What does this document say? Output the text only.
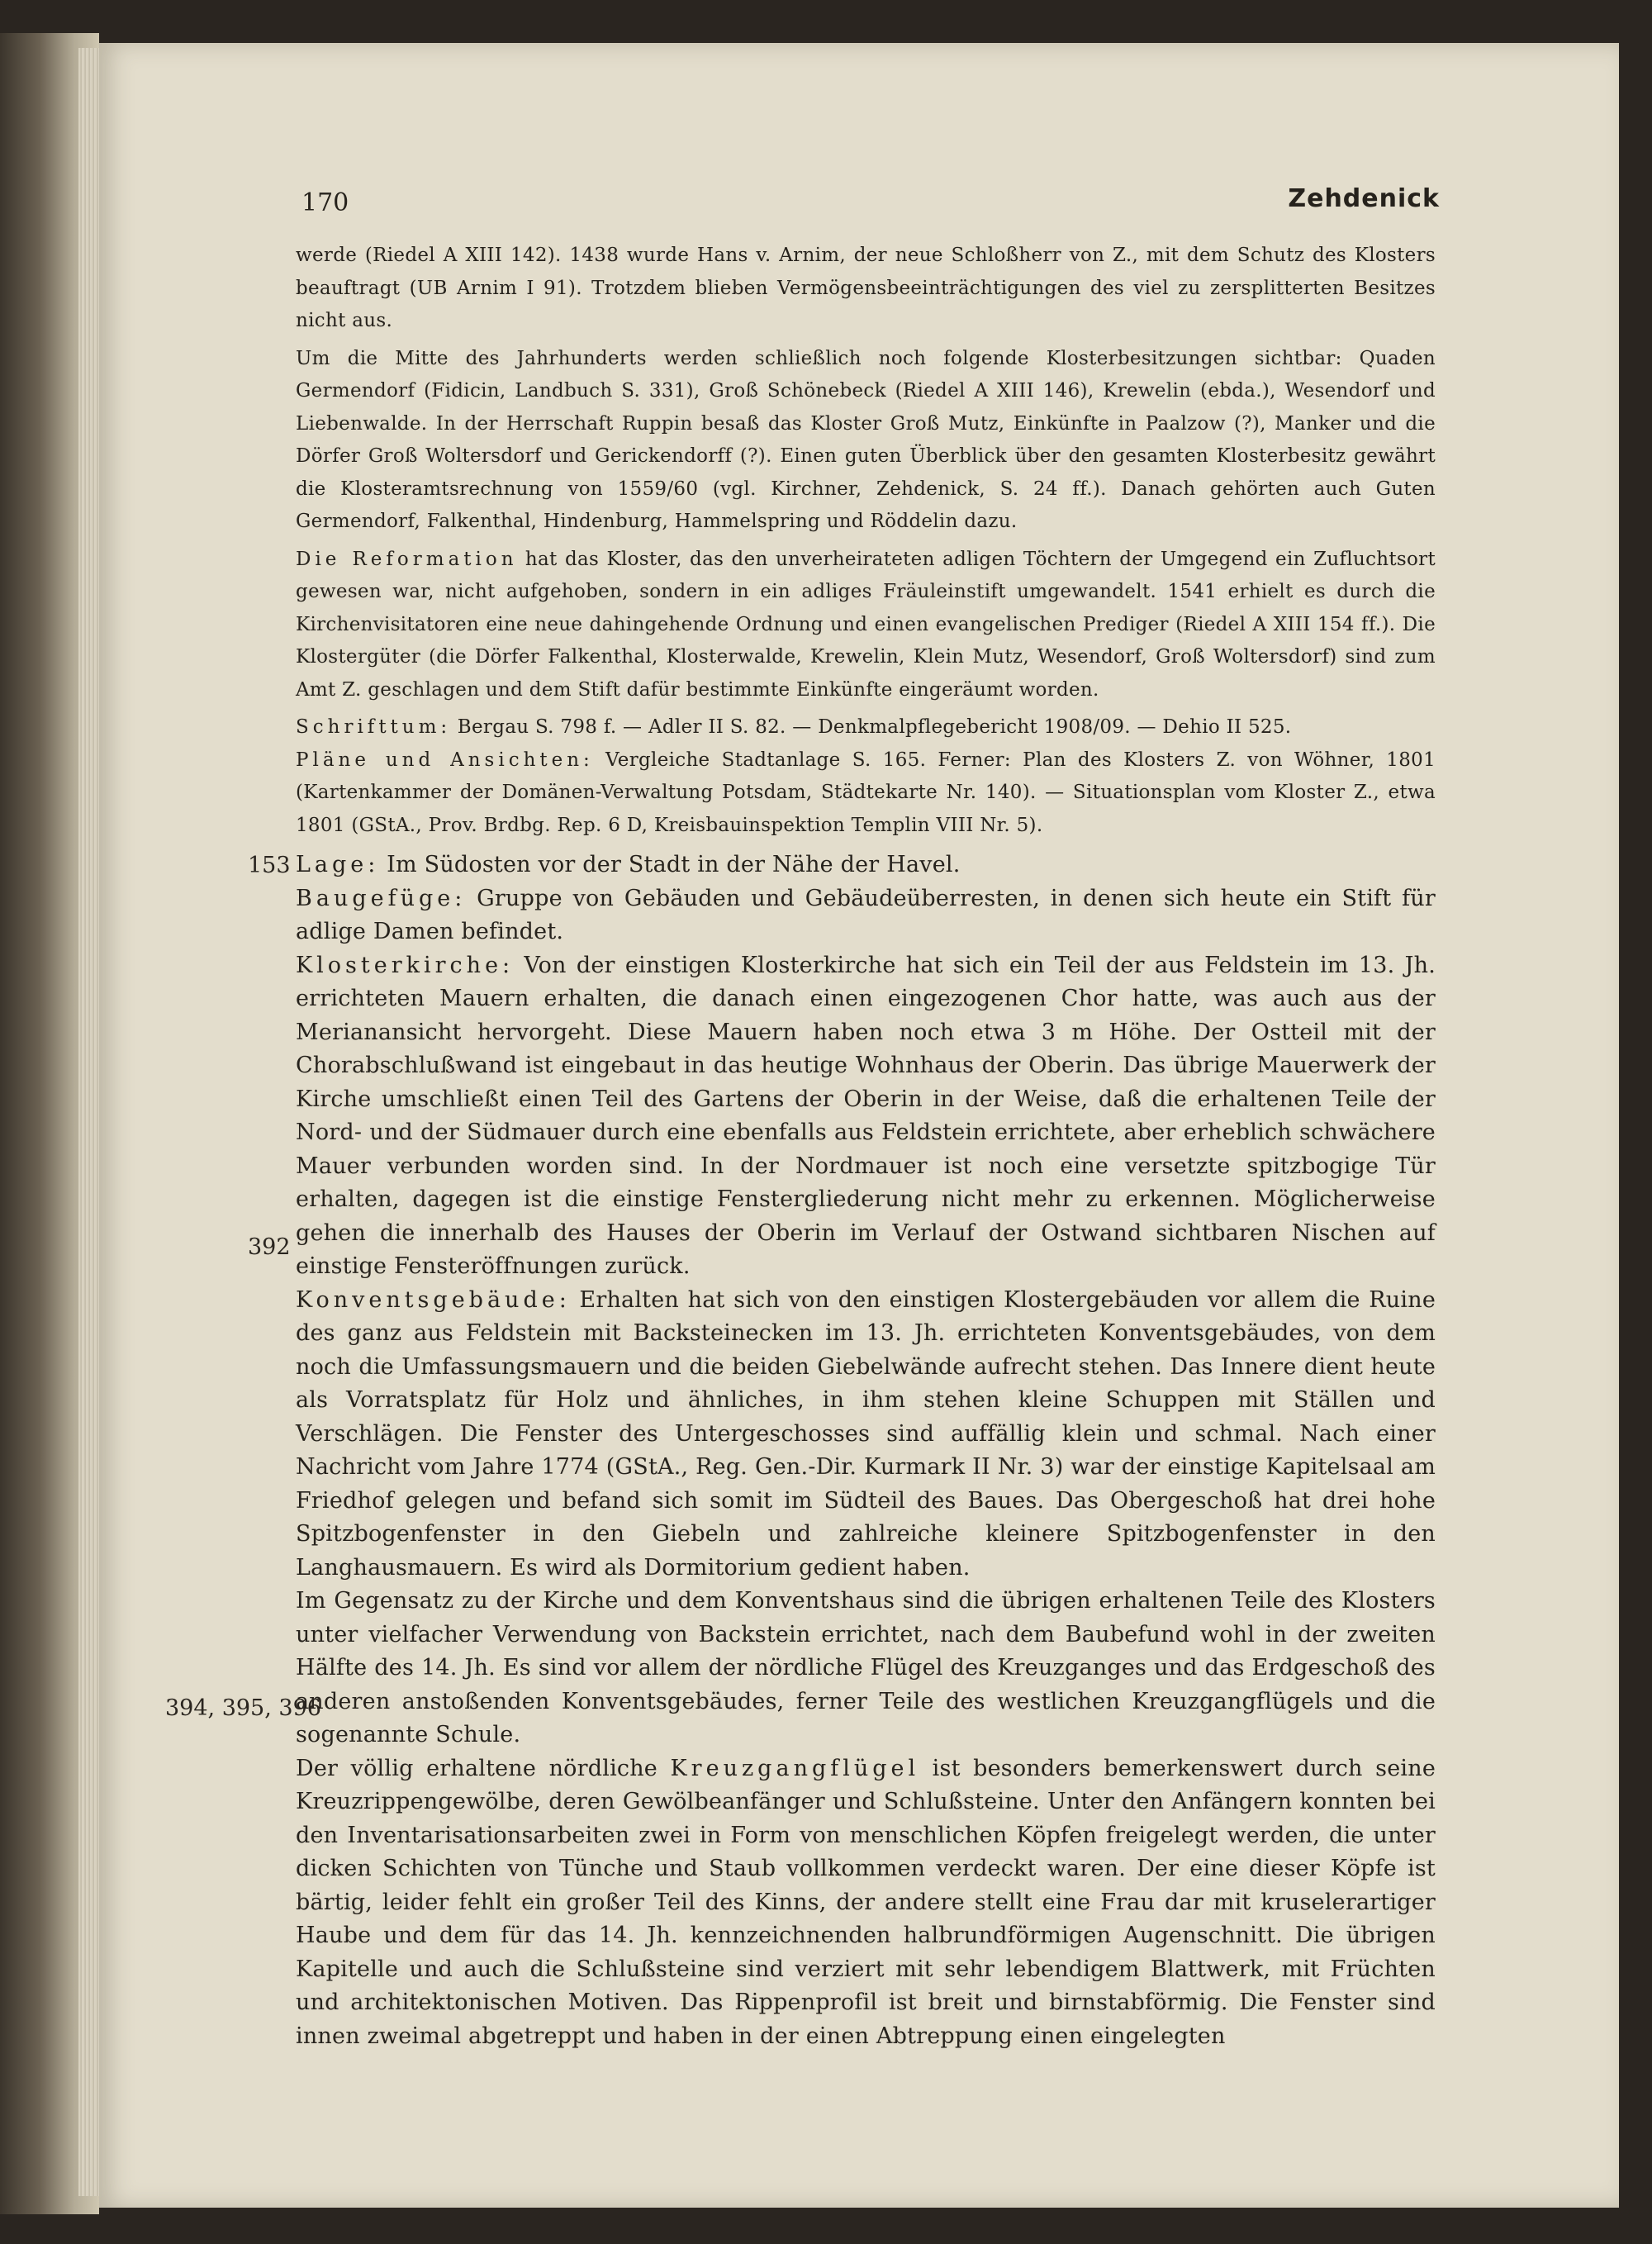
170	Zehdenick

werde (Riedel A XIII 142). 1438 wurde Hans v. Arnim, der neue Schloßherr von Z., mit dem Schutz des Klosters beauftragt (UB Arnim I 91). Trotzdem blieben Vermögensbeeinträchtigungen des viel zu zersplitterten Besitzes nicht aus.

Um die Mitte des Jahrhunderts werden schließlich noch folgende Klosterbesitzungen sichtbar: Quaden Germendorf (Fidicin, Landbuch S. 331), Groß Schönebeck (Riedel A XIII 146), Krewelin (ebda.), Wesendorf und Liebenwalde. In der Herrschaft Ruppin besaß das Kloster Groß Mutz, Einkünfte in Paalzow (?), Manker und die Dörfer Groß Woltersdorf und Gerickendorff (?). Einen guten Überblick über den gesamten Klosterbesitz gewährt die Klosteramtsrechnung von 1559/60 (vgl. Kirchner, Zehdenick, S. 24 ff.). Danach gehörten auch Guten Germendorf, Falkenthal, Hindenburg, Hammelspring und Röddelin dazu.

Die Reformation hat das Kloster, das den unverheirateten adligen Töchtern der Umgegend ein Zufluchtsort gewesen war, nicht aufgehoben, sondern in ein adliges Fräuleinstift umgewandelt. 1541 erhielt es durch die Kirchenvisitatoren eine neue dahingehende Ordnung und einen evangelischen Prediger (Riedel A XIII 154 ff.). Die Klostergüter (die Dörfer Falkenthal, Klosterwalde, Krewelin, Klein Mutz, Wesendorf, Groß Woltersdorf) sind zum Amt Z. geschlagen und dem Stift dafür bestimmte Einkünfte eingeräumt worden.

Schrifttum: Bergau S. 798 f. — Adler II S. 82. — Denkmalpflegebericht 1908/09. — Dehio II 525.

Pläne und Ansichten: Vergleiche Stadtanlage S. 165. Ferner: Plan des Klosters Z. von Wöhner, 1801 (Kartenkammer der Domänen-Verwaltung Potsdam, Städtekarte Nr. 140). — Situationsplan vom Kloster Z., etwa 1801 (GStA., Prov. Brdbg. Rep. 6 D, Kreisbauinspektion Templin VIII Nr. 5).

Lage: Im Südosten vor der Stadt in der Nähe der Havel.

Baugefüge: Gruppe von Gebäuden und Gebäudeüberresten, in denen sich heute ein Stift für adlige Damen befindet.

Klosterkirche: Von der einstigen Klosterkirche hat sich ein Teil der aus Feldstein im 13. Jh. errichteten Mauern erhalten, die danach einen eingezogenen Chor hatte, was auch aus der Merianansicht hervorgeht. Diese Mauern haben noch etwa 3 m Höhe. Der Ostteil mit der Chorabschlußwand ist eingebaut in das heutige Wohnhaus der Oberin. Das übrige Mauerwerk der Kirche umschließt einen Teil des Gartens der Oberin in der Weise, daß die erhaltenen Teile der Nord- und der Südmauer durch eine ebenfalls aus Feldstein errichtete, aber erheblich schwächere Mauer verbunden worden sind. In der Nordmauer ist noch eine versetzte spitzbogige Tür erhalten, dagegen ist die einstige Fenstergliederung nicht mehr zu erkennen. Möglicherweise gehen die innerhalb des Hauses der Oberin im Verlauf der Ostwand sichtbaren Nischen auf einstige Fensteröffnungen zurück.

Konventsgebäude: Erhalten hat sich von den einstigen Klostergebäuden vor allem die Ruine des ganz aus Feldstein mit Backsteinecken im 13. Jh. errichteten Konventsgebäudes, von dem noch die Umfassungsmauern und die beiden Giebelwände aufrecht stehen. Das Innere dient heute als Vorratsplatz für Holz und ähnliches, in ihm stehen kleine Schuppen mit Ställen und Verschlägen. Die Fenster des Untergeschosses sind auffällig klein und schmal. Nach einer Nachricht vom Jahre 1774 (GStA., Reg. Gen.-Dir. Kurmark II Nr. 3) war der einstige Kapitelsaal am Friedhof gelegen und befand sich somit im Südteil des Baues. Das Obergeschoß hat drei hohe Spitzbogenfenster in den Giebeln und zahlreiche kleinere Spitzbogenfenster in den Langhausmauern. Es wird als Dormitorium gedient haben.

Im Gegensatz zu der Kirche und dem Konventshaus sind die übrigen erhaltenen Teile des Klosters unter vielfacher Verwendung von Backstein errichtet, nach dem Baubefund wohl in der zweiten Hälfte des 14. Jh. Es sind vor allem der nördliche Flügel des Kreuzganges und das Erdgeschoß des anderen anstoßenden Konventsgebäudes, ferner Teile des westlichen Kreuzgangflügels und die sogenannte Schule.

Der völlig erhaltene nördliche Kreuzgangflügel ist besonders bemerkenswert durch seine Kreuzrippengewölbe, deren Gewölbeanfänger und Schlußsteine. Unter den Anfängern konnten bei den Inventarisationsarbeiten zwei in Form von menschlichen Köpfen freigelegt werden, die unter dicken Schichten von Tünche und Staub vollkommen verdeckt waren. Der eine dieser Köpfe ist bärtig, leider fehlt ein großer Teil des Kinns, der andere stellt eine Frau dar mit kruselerartiger Haube und dem für das 14. Jh. kennzeichnenden halbrundförmigen Augenschnitt. Die übrigen Kapitelle und auch die Schlußsteine sind verziert mit sehr lebendigem Blattwerk, mit Früchten und architektonischen Motiven. Das Rippenprofil ist breit und birnstabförmig. Die Fenster sind innen zweimal abgetreppt und haben in der einen Abtreppung einen eingelegten

153
392
394, 395, 396
